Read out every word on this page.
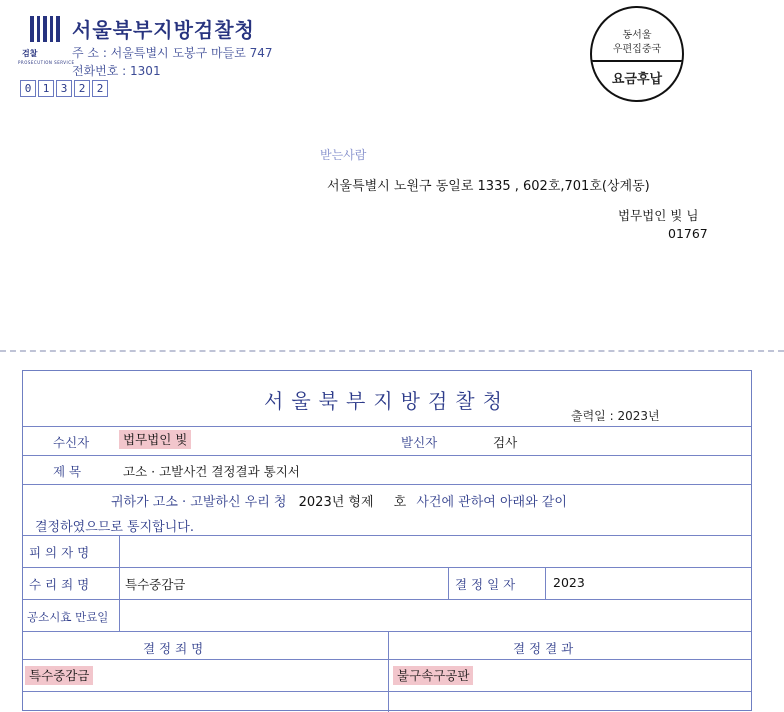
검찰
PROSECUTION SERVICE
서울북부지방검찰청
주 소 : 서울특별시 도봉구 마들로 747
전화번호 : 1301
0	1	3	2	2
동서울
우편집중국
요금후납
받는사람
서울특별시 노원구 동일로 1335 , 602호,701호(상계동)
법무법인 빛 님
01767
서울북부지방검찰청
출력일 : 2023년
수신자	법무법인 빛	발신자	검사
제 목	고소 · 고발사건 결정결과 통지서
귀하가 고소 · 고발하신 우리 청 2023년 형제 호 사건에 관하여 아래와 같이
결정하였으므로 통지합니다.
피 의 자 명
수 리 죄 명	특수중감금	결 정 일 자	2023
공소시효 만료일
결 정 죄 명	결 정 결 과
특수중감금	불구속구공판
